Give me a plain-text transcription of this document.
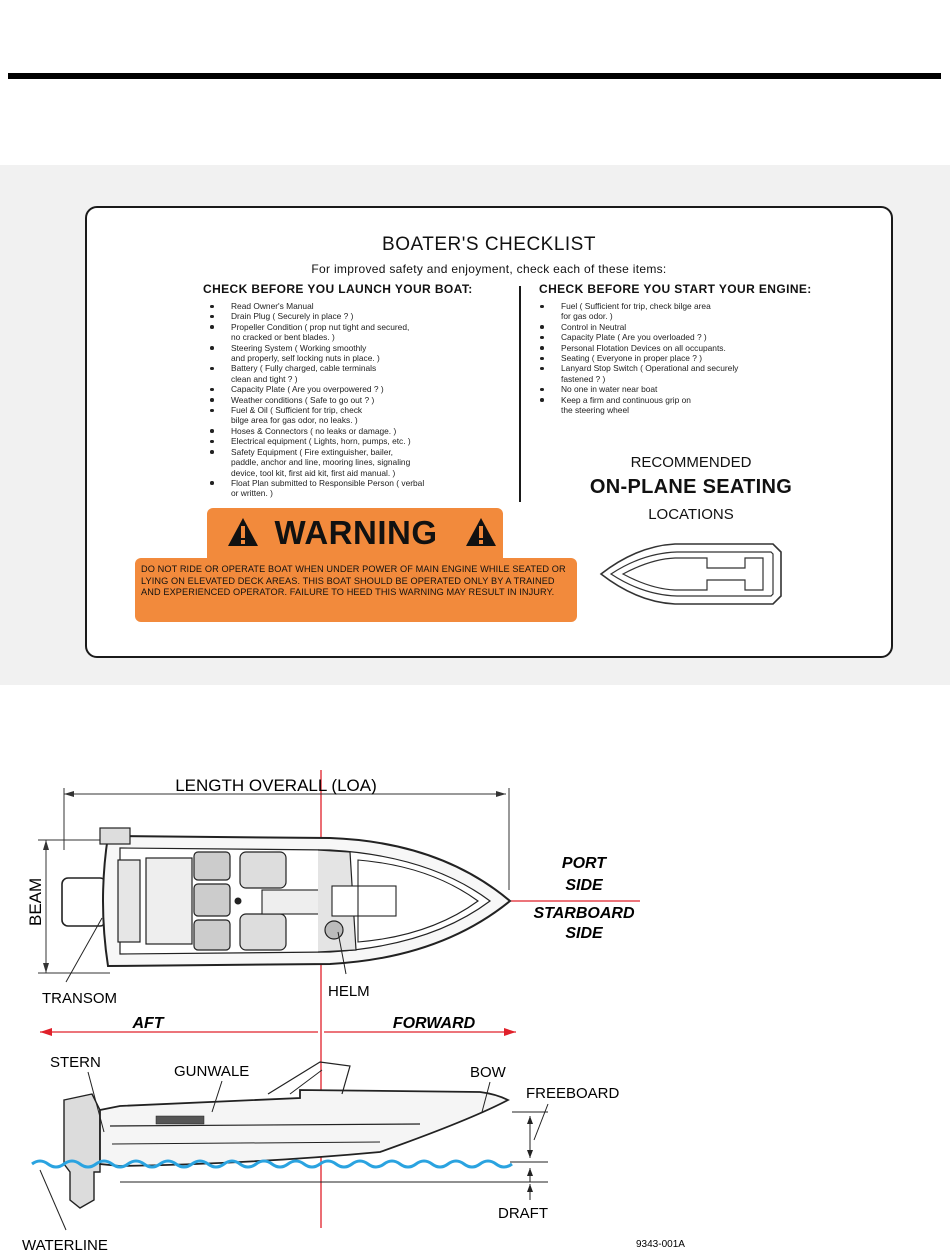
BOATER'S CHECKLIST
For improved safety and enjoyment, check each of these items:
CHECK BEFORE YOU LAUNCH YOUR BOAT:	CHECK BEFORE YOU START YOUR ENGINE:
Read Owner's Manual
Drain Plug ( Securely in place ? )
Propeller Condition ( prop nut tight and secured,
no cracked or bent blades. )
Steering System ( Working smoothly
and properly, self locking nuts in place. )
Battery ( Fully charged, cable terminals
clean and tight ? )
Capacity Plate ( Are you overpowered ? )
Weather conditions ( Safe to go out ? )
Fuel & Oil ( Sufficient for trip, check
bilge area for gas odor, no leaks. )
Hoses & Connectors ( no leaks or damage. )
Electrical equipment ( Lights, horn, pumps, etc. )
Safety Equipment ( Fire extinguisher, bailer,
paddle, anchor and line, mooring lines, signaling
device, tool kit, first aid kit, first aid manual. )
Float Plan submitted to Responsible Person ( verbal
or written. )
Fuel ( Sufficient for trip, check bilge area
for gas odor. )
Control in Neutral
Capacity Plate ( Are you overloaded ? )
Personal Flotation Devices on all occupants.
Seating ( Everyone in proper place ? )
Lanyard Stop Switch ( Operational and securely
fastened ? )
No one in water near boat
Keep a firm and continuous grip on
the steering wheel
RECOMMENDED
ON-PLANE SEATING
LOCATIONS
WARNING
DO NOT RIDE OR OPERATE BOAT WHEN UNDER POWER OF MAIN ENGINE WHILE SEATED OR LYING ON ELEVATED DECK AREAS. THIS BOAT SHOULD BE OPERATED ONLY BY A TRAINED AND EXPERIENCED OPERATOR. FAILURE TO HEED THIS WARNING MAY RESULT IN INJURY.
LENGTH OVERALL (LOA)
BEAM
PORT
SIDE
STARBOARD
SIDE
TRANSOM	HELM
AFT	FORWARD
STERN
GUNWALE	BOW
FREEBOARD
DRAFT
WATERLINE	9343-001A
